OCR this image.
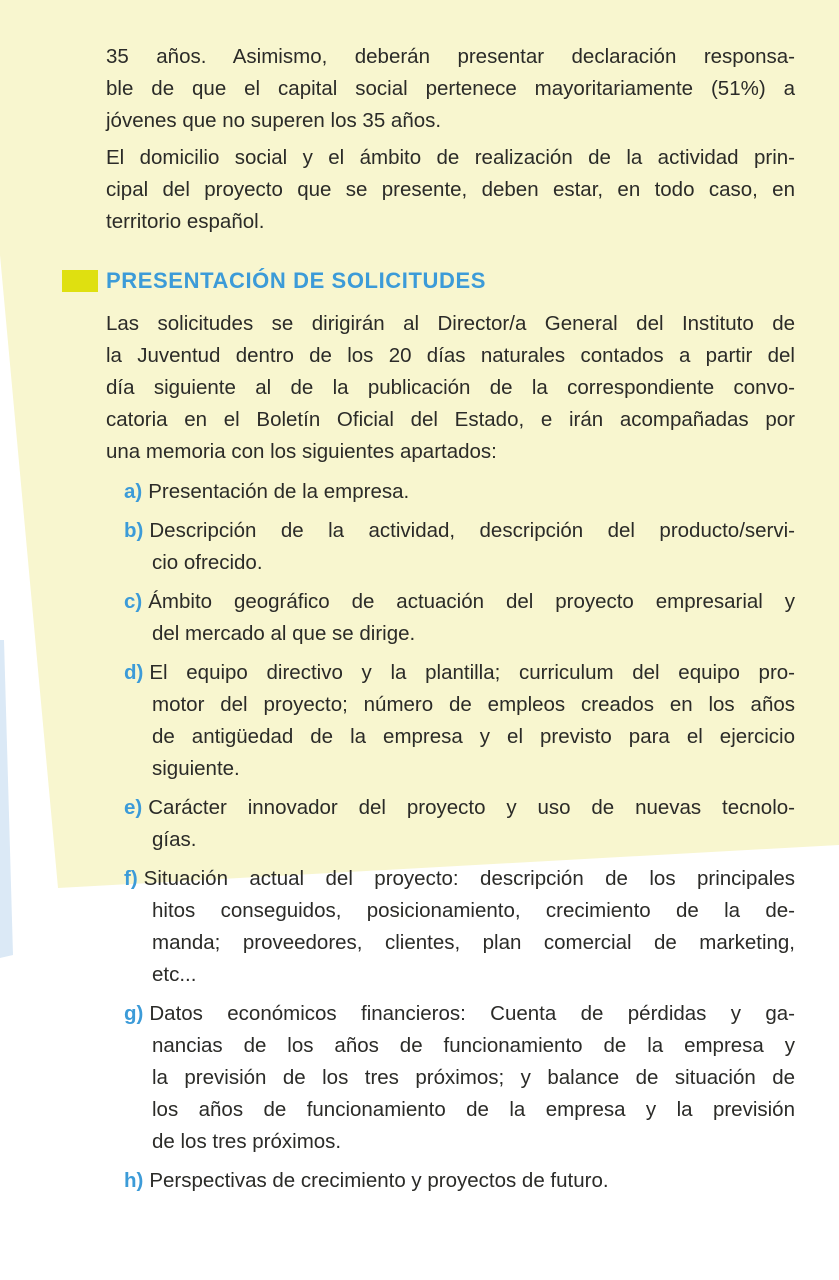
35 años. Asimismo, deberán presentar declaración responsa-
ble de que el capital social pertenece mayoritariamente (51%) a
jóvenes que no superen los 35 años.
El domicilio social y el ámbito de realización de la actividad prin-
cipal del proyecto que se presente, deben estar, en todo caso, en
territorio español.
PRESENTACIÓN DE SOLICITUDES
Las solicitudes se dirigirán al Director/a General del Instituto de
la Juventud dentro de los 20 días naturales contados a partir del
día siguiente al de la publicación de la correspondiente convo-
catoria en el Boletín Oficial del Estado, e irán acompañadas por
una memoria con los siguientes apartados:
a) Presentación de la empresa.
b) Descripción de la actividad, descripción del producto/servi-
cio ofrecido.
c) Ámbito geográfico de actuación del proyecto empresarial y
del mercado al que se dirige.
d) El equipo directivo y la plantilla; curriculum del equipo pro-
motor del proyecto; número de empleos creados en los años
de antigüedad de la empresa y el previsto para el ejercicio
siguiente.
e) Carácter innovador del proyecto y uso de nuevas tecnolo-
gías.
f) Situación actual del proyecto: descripción de los principales
hitos conseguidos, posicionamiento, crecimiento de la de-
manda; proveedores, clientes, plan comercial de marketing,
etc...
g) Datos económicos financieros: Cuenta de pérdidas y ga-
nancias de los años de funcionamiento de la empresa y
la previsión de los tres próximos; y balance de situación de
los años de funcionamiento de la empresa y la previsión
de los tres próximos.
h) Perspectivas de crecimiento y proyectos de futuro.
